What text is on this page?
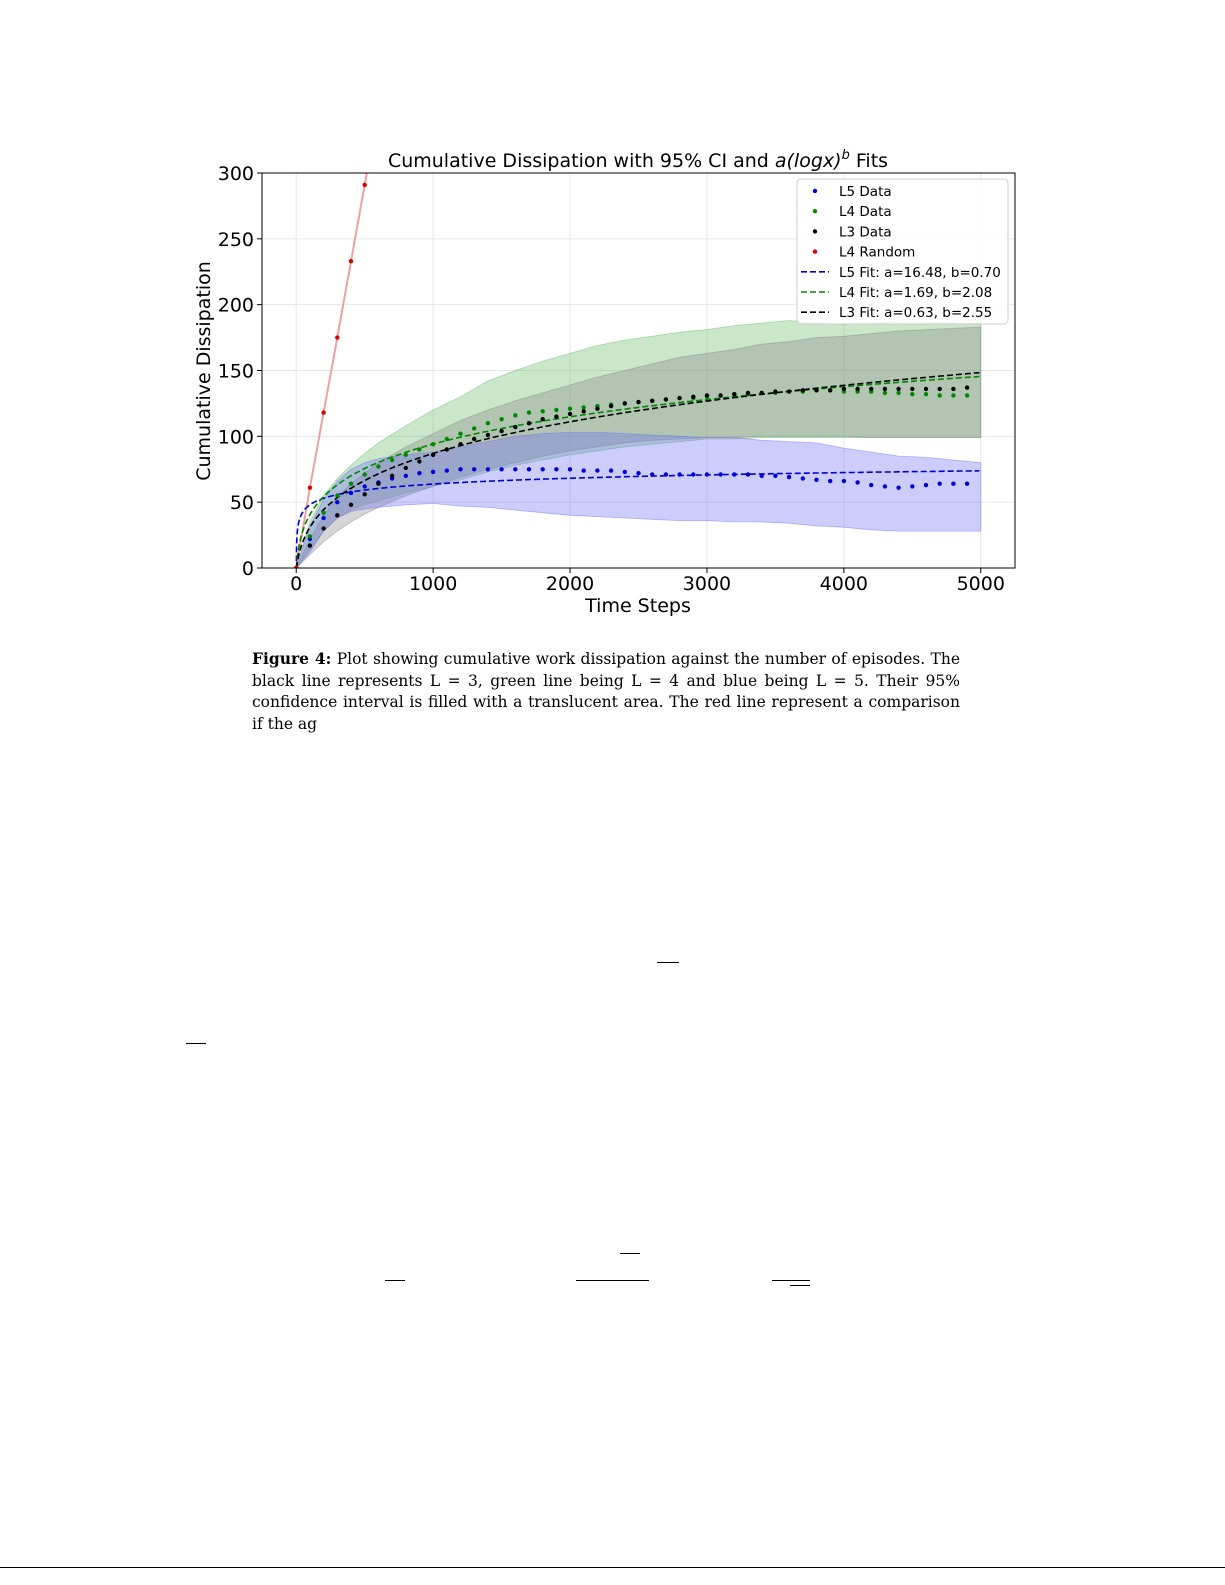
0	1000	2000	3000	4000	5000
0
50
100
150
200
250
300
Cumulative Dissipation with 95% CI and $a(\log x)^b$ Fits
Time Steps
Cumulative Dissipation
L5 Data
L4 Data
L3 Data
L4 Random
L5 Fit: a=16.48, b=0.70
L4 Fit: a=1.69, b=2.08
L3 Fit: a=0.63, b=2.55
Figure 4: Plot showing cumulative work dissipation against the number of episodes. The black line represents L = 3, green line being L = 4 and blue being L = 5. Their 95% confidence interval is filled with a translucent area. The red line represent a comparison if the ag
